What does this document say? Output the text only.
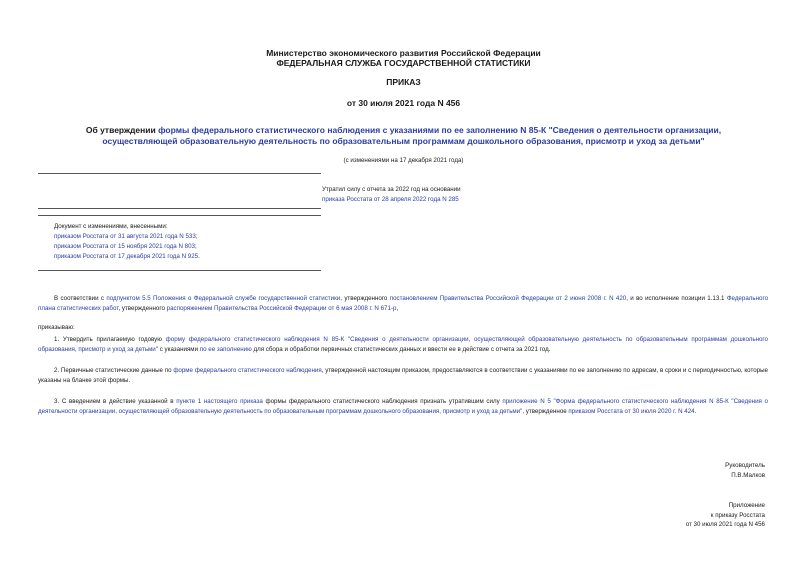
Министерство экономического развития Российской Федерации
ФЕДЕРАЛЬНАЯ СЛУЖБА ГОСУДАРСТВЕННОЙ СТАТИСТИКИ
ПРИКАЗ
от 30 июля 2021 года N 456
Об утверждении формы федерального статистического наблюдения с указаниями по ее заполнению N 85-К "Сведения о деятельности организации, осуществляющей образовательную деятельность по образовательным программам дошкольного образования, присмотр и уход за детьми"
(с изменениями на 17 декабря 2021 года)
Утратил силу с отчета за 2022 год на основании
приказа Росстата от 28 апреля 2022 года N 285
Документ с изменениями, внесенными:
приказом Росстата от 31 августа 2021 года N 533;
приказом Росстата от 15 ноября 2021 года N 803;
приказом Росстата от 17 декабря 2021 года N 925.
В соответствии с подпунктом 5.5 Положения о Федеральной службе государственной статистики, утвержденного постановлением Правительства Российской Федерации от 2 июня 2008 г. N 420, и во исполнение позиции 1.13.1 Федерального плана статистических работ, утвержденного распоряжением Правительства Российской Федерации от 6 мая 2008 г. N 671-р,
приказываю:
1. Утвердить прилагаемую годовую форму федерального статистического наблюдения N 85-К "Сведения о деятельности организации, осуществляющей образовательную деятельность по образовательным программам дошкольного образования, присмотр и уход за детьми" с указаниями по ее заполнению для сбора и обработки первичных статистических данных и ввести ее в действие с отчета за 2021 год.
2. Первичные статистические данные по форме федерального статистического наблюдения, утвержденной настоящим приказом, предоставляются в соответствии с указаниями по ее заполнению по адресам, в сроки и с периодичностью, которые указаны на бланке этой формы.
3. С введением в действие указанной в пункте 1 настоящего приказа формы федерального статистического наблюдения признать утратившим силу приложение N 5 "Форма федерального статистического наблюдения N 85-К "Сведения о деятельности организации, осуществляющей образовательную деятельность по образовательным программам дошкольного образования, присмотр и уход за детьми", утвержденное приказом Росстата от 30 июля 2020 г. N 424.
Руководитель
П.В.Малков
Приложение
к приказу Росстата
от 30 июля 2021 года N 456
